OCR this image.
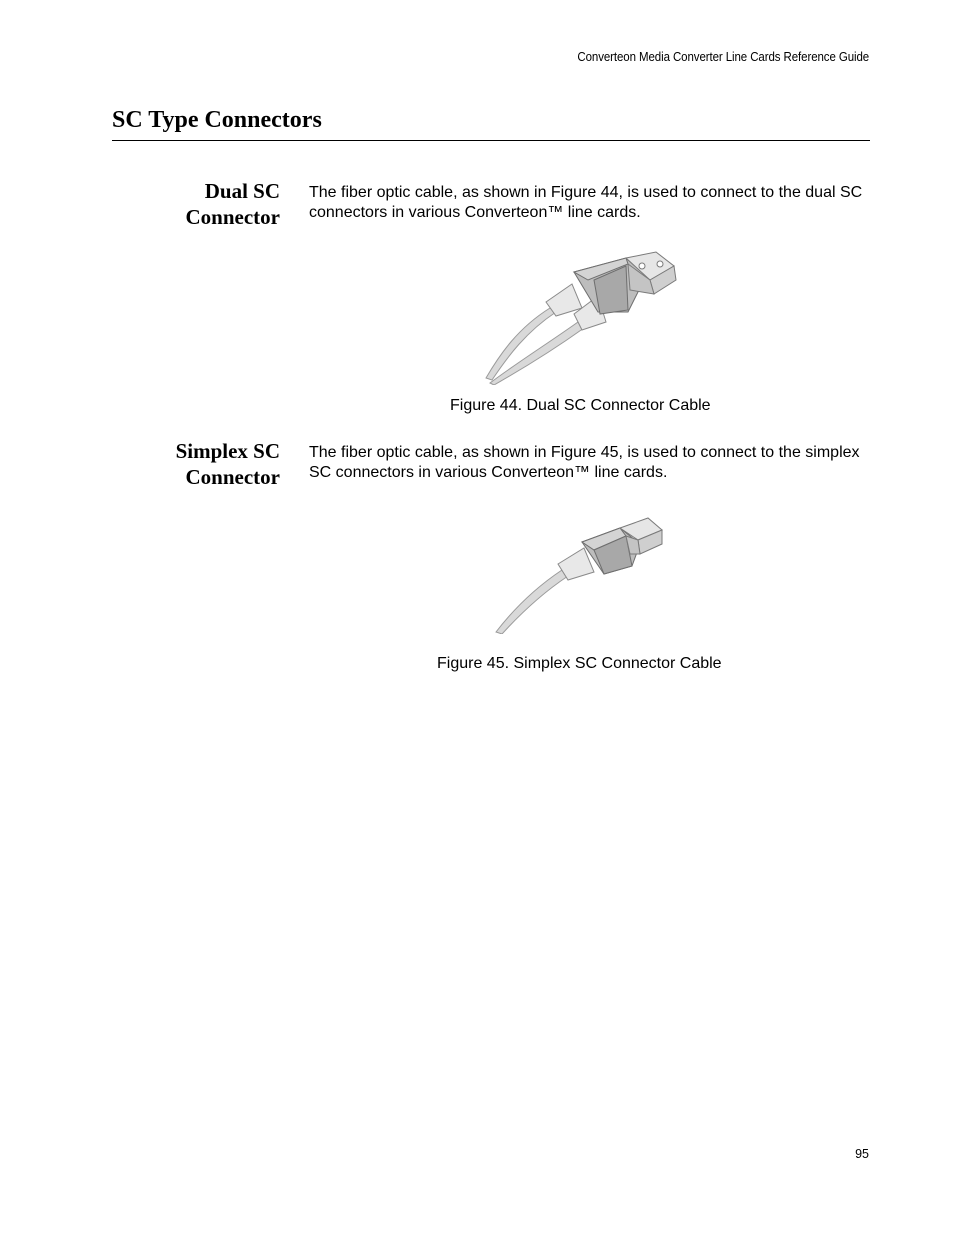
Converteon Media Converter Line Cards Reference Guide
SC Type Connectors
Dual SC
Connector

The fiber optic cable, as shown in Figure 44, is used to connect to the dual SC connectors in various Converteon™ line cards.

Figure 44. Dual SC Connector Cable

Simplex SC
Connector

The fiber optic cable, as shown in Figure 45, is used to connect to the simplex SC connectors in various Converteon™ line cards.

Figure 45. Simplex SC Connector Cable

95
